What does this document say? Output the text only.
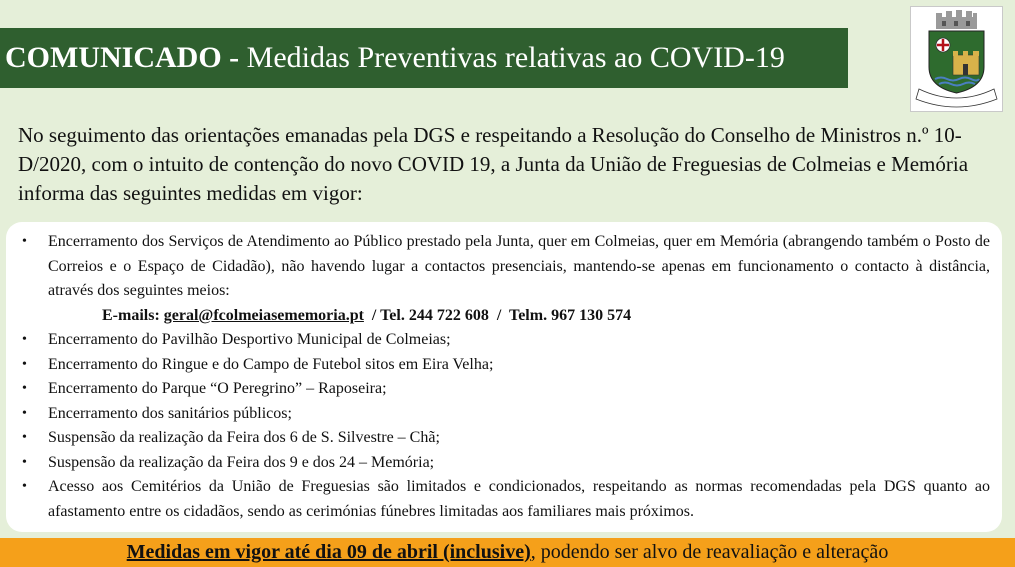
COMUNICADO - Medidas Preventivas relativas ao COVID-19
No seguimento das orientações emanadas pela DGS e respeitando a Resolução do Conselho de Ministros n.º 10-D/2020, com o intuito de contenção do novo COVID 19, a Junta da União de Freguesias de Colmeias e Memória informa das seguintes medidas em vigor:
• Encerramento dos Serviços de Atendimento ao Público prestado pela Junta, quer em Colmeias, quer em Memória (abrangendo também o Posto de Correios e o Espaço de Cidadão), não havendo lugar a contactos presenciais, mantendo-se apenas em funcionamento o contacto à distância, através dos seguintes meios:
E-mails: geral@fcolmeiasememoria.pt  / Tel. 244 722 608  /  Telm. 967 130 574
• Encerramento do Pavilhão Desportivo Municipal de Colmeias;
• Encerramento do Ringue e do Campo de Futebol sitos em Eira Velha;
• Encerramento do Parque “O Peregrino” – Raposeira;
• Encerramento dos sanitários públicos;
• Suspensão da realização da Feira dos 6 de S. Silvestre – Chã;
• Suspensão da realização da Feira dos 9 e dos 24 – Memória;
• Acesso aos Cemitérios da União de Freguesias são limitados e condicionados, respeitando as normas recomendadas pela DGS quanto ao afastamento entre os cidadãos, sendo as cerimónias fúnebres limitadas aos familiares mais próximos.
Medidas em vigor até dia 09 de abril (inclusive), podendo ser alvo de reavaliação e alteração
